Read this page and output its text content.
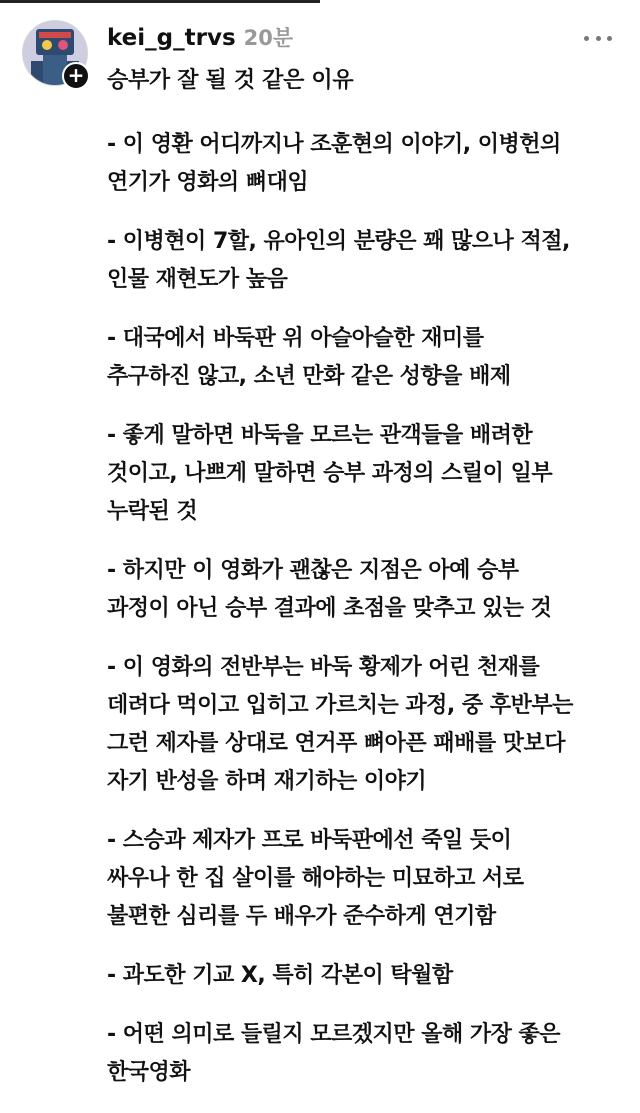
+
kei_g_trvs 20분
승부가 잘 될 것 같은 이유
- 이 영환 어디까지나 조훈현의 이야기, 이병헌의
연기가 영화의 뼈대임
- 이병현이 7할, 유아인의 분량은 꽤 많으나 적절,
인물 재현도가 높음
- 대국에서 바둑판 위 아슬아슬한 재미를
추구하진 않고, 소년 만화 같은 성향을 배제
- 좋게 말하면 바둑을 모르는 관객들을 배려한
것이고, 나쁘게 말하면 승부 과정의 스릴이 일부
누락된 것
- 하지만 이 영화가 괜찮은 지점은 아예 승부
과정이 아닌 승부 결과에 초점을 맞추고 있는 것
- 이 영화의 전반부는 바둑 황제가 어린 천재를
데려다 먹이고 입히고 가르치는 과정, 중 후반부는
그런 제자를 상대로 연거푸 뼈아픈 패배를 맛보다
자기 반성을 하며 재기하는 이야기
- 스승과 제자가 프로 바둑판에선 죽일 듯이
싸우나 한 집 살이를 해야하는 미묘하고 서로
불편한 심리를 두 배우가 준수하게 연기함
- 과도한 기교 X, 특히 각본이 탁월함
- 어떤 의미로 들릴지 모르겠지만 올해 가장 좋은
한국영화
